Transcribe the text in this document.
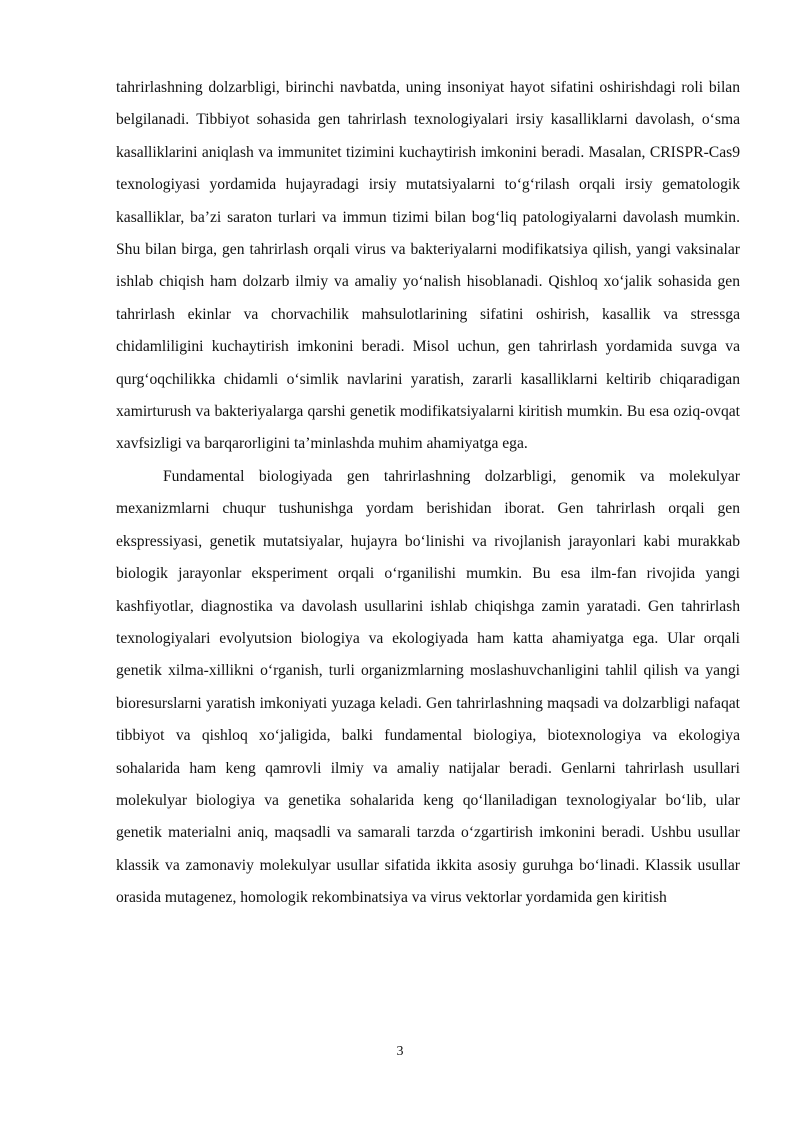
tahrirlashning dolzarbligi, birinchi navbatda, uning insoniyat hayot sifatini oshirishdagi roli bilan belgilanadi. Tibbiyot sohasida gen tahrirlash texnologiyalari irsiy kasalliklarni davolash, o‘sma kasalliklarini aniqlash va immunitet tizimini kuchaytirish imkonini beradi. Masalan, CRISPR-Cas9 texnologiyasi yordamida hujayradagi irsiy mutatsiyalarni to‘g‘rilash orqali irsiy gematologik kasalliklar, ba’zi saraton turlari va immun tizimi bilan bog‘liq patologiyalarni davolash mumkin. Shu bilan birga, gen tahrirlash orqali virus va bakteriyalarni modifikatsiya qilish, yangi vaksinalar ishlab chiqish ham dolzarb ilmiy va amaliy yo‘nalish hisoblanadi. Qishloq xo‘jalik sohasida gen tahrirlash ekinlar va chorvachilik mahsulotlarining sifatini oshirish, kasallik va stressga chidamliligini kuchaytirish imkonini beradi. Misol uchun, gen tahrirlash yordamida suvga va qurg‘oqchilikka chidamli o‘simlik navlarini yaratish, zararli kasalliklarni keltirib chiqaradigan xamirturush va bakteriyalarga qarshi genetik modifikatsiyalarni kiritish mumkin. Bu esa oziq-ovqat xavfsizligi va barqarorligini ta’minlashda muhim ahamiyatga ega.

Fundamental biologiyada gen tahrirlashning dolzarbligi, genomik va molekulyar mexanizmlarni chuqur tushunishga yordam berishidan iborat. Gen tahrirlash orqali gen ekspressiyasi, genetik mutatsiyalar, hujayra bo‘linishi va rivojlanish jarayonlari kabi murakkab biologik jarayonlar eksperiment orqali o‘rganilishi mumkin. Bu esa ilm-fan rivojida yangi kashfiyotlar, diagnostika va davolash usullarini ishlab chiqishga zamin yaratadi. Gen tahrirlash texnologiyalari evolyutsion biologiya va ekologiyada ham katta ahamiyatga ega. Ular orqali genetik xilma-xillikni o‘rganish, turli organizmlarning moslashuvchanligini tahlil qilish va yangi bioresurslarni yaratish imkoniyati yuzaga keladi. Gen tahrirlashning maqsadi va dolzarbligi nafaqat tibbiyot va qishloq xo‘jaligida, balki fundamental biologiya, biotexnologiya va ekologiya sohalarida ham keng qamrovli ilmiy va amaliy natijalar beradi. Genlarni tahrirlash usullari molekulyar biologiya va genetika sohalarida keng qo‘llaniladigan texnologiyalar bo‘lib, ular genetik materialni aniq, maqsadli va samarali tarzda o‘zgartirish imkonini beradi. Ushbu usullar klassik va zamonaviy molekulyar usullar sifatida ikkita asosiy guruhga bo‘linadi. Klassik usullar orasida mutagenez, homologik rekombinatsiya va virus vektorlar yordamida gen kiritish

3
